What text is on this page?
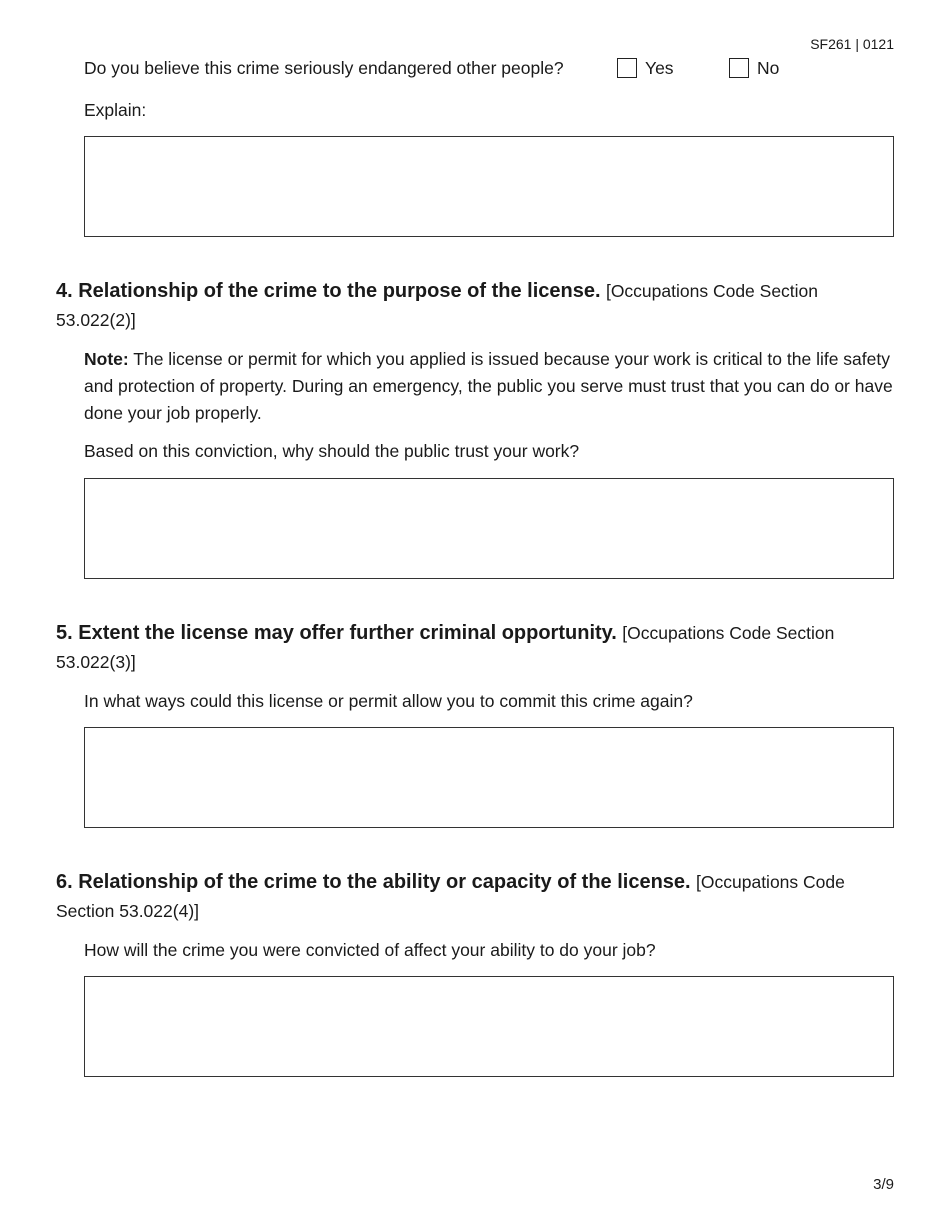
SF261 | 0121
Do you believe this crime seriously endangered other people?	Yes	No
Explain:
4. Relationship of the crime to the purpose of the license. [Occupations Code Section 53.022(2)]
Note: The license or permit for which you applied is issued because your work is critical to the life safety and protection of property. During an emergency, the public you serve must trust that you can do or have done your job properly.
Based on this conviction, why should the public trust your work?
5. Extent the license may offer further criminal opportunity. [Occupations Code Section 53.022(3)]
In what ways could this license or permit allow you to commit this crime again?
6. Relationship of the crime to the ability or capacity of the license. [Occupations Code Section 53.022(4)]
How will the crime you were convicted of affect your ability to do your job?
3/9
